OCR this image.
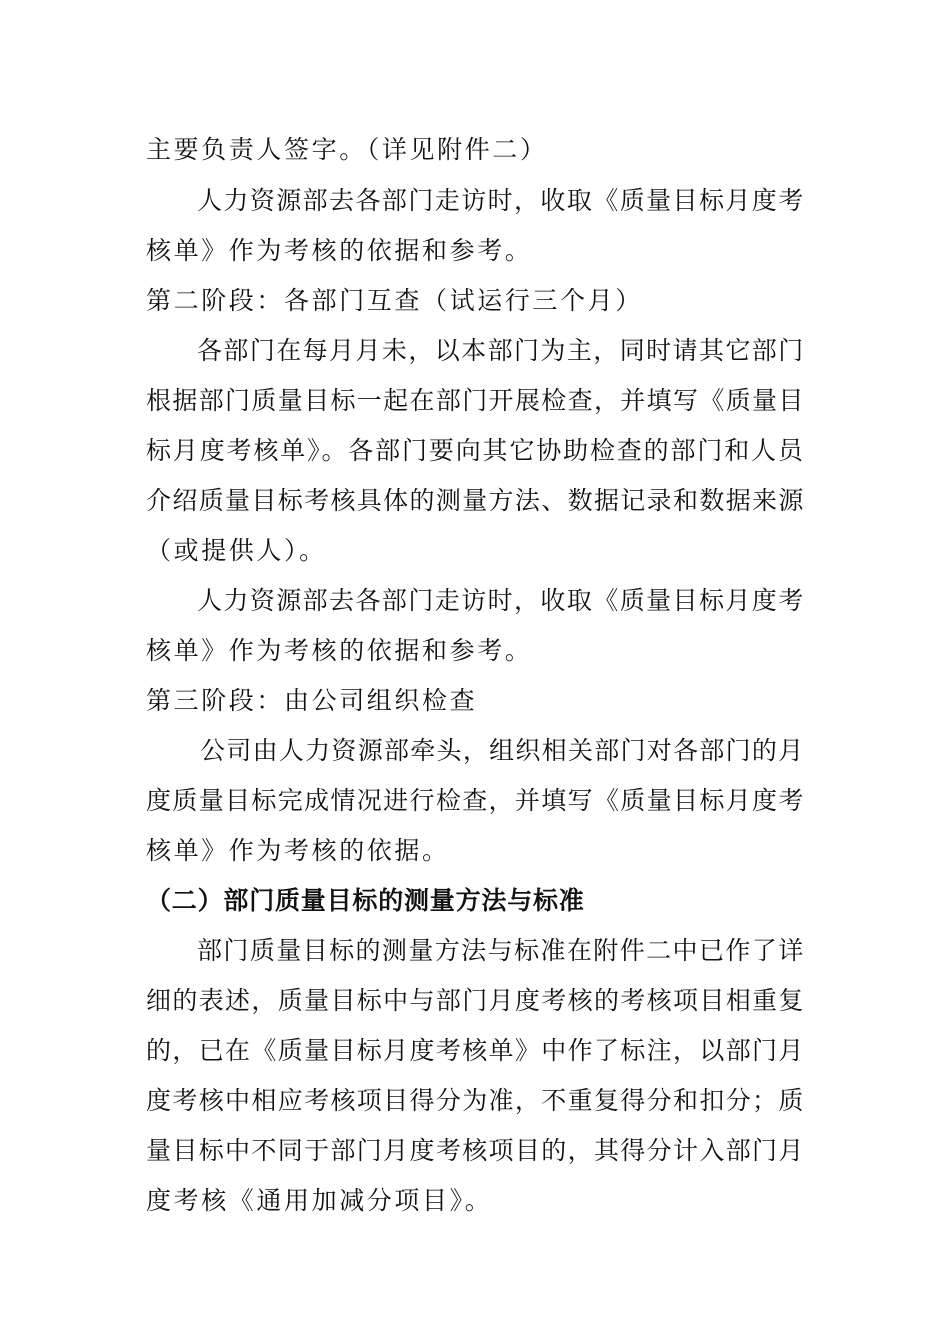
主要负责人签字。（详见附件二）

人力资源部去各部门走访时，收取《质量目标月度考

核单》作为考核的依据和参考。

第二阶段：各部门互查（试运行三个月）

各部门在每月月未，以本部门为主，同时请其它部门

根据部门质量目标一起在部门开展检查，并填写《质量目

标月度考核单》。各部门要向其它协助检查的部门和人员

介绍质量目标考核具体的测量方法、数据记录和数据来源

（或提供人）。

人力资源部去各部门走访时，收取《质量目标月度考

核单》作为考核的依据和参考。

第三阶段：由公司组织检查

公司由人力资源部牵头，组织相关部门对各部门的月

度质量目标完成情况进行检查，并填写《质量目标月度考

核单》作为考核的依据。

（二）部门质量目标的测量方法与标准

部门质量目标的测量方法与标准在附件二中已作了详

细的表述，质量目标中与部门月度考核的考核项目相重复

的，已在《质量目标月度考核单》中作了标注，以部门月

度考核中相应考核项目得分为准，不重复得分和扣分；质

量目标中不同于部门月度考核项目的，其得分计入部门月

度考核《通用加减分项目》。
